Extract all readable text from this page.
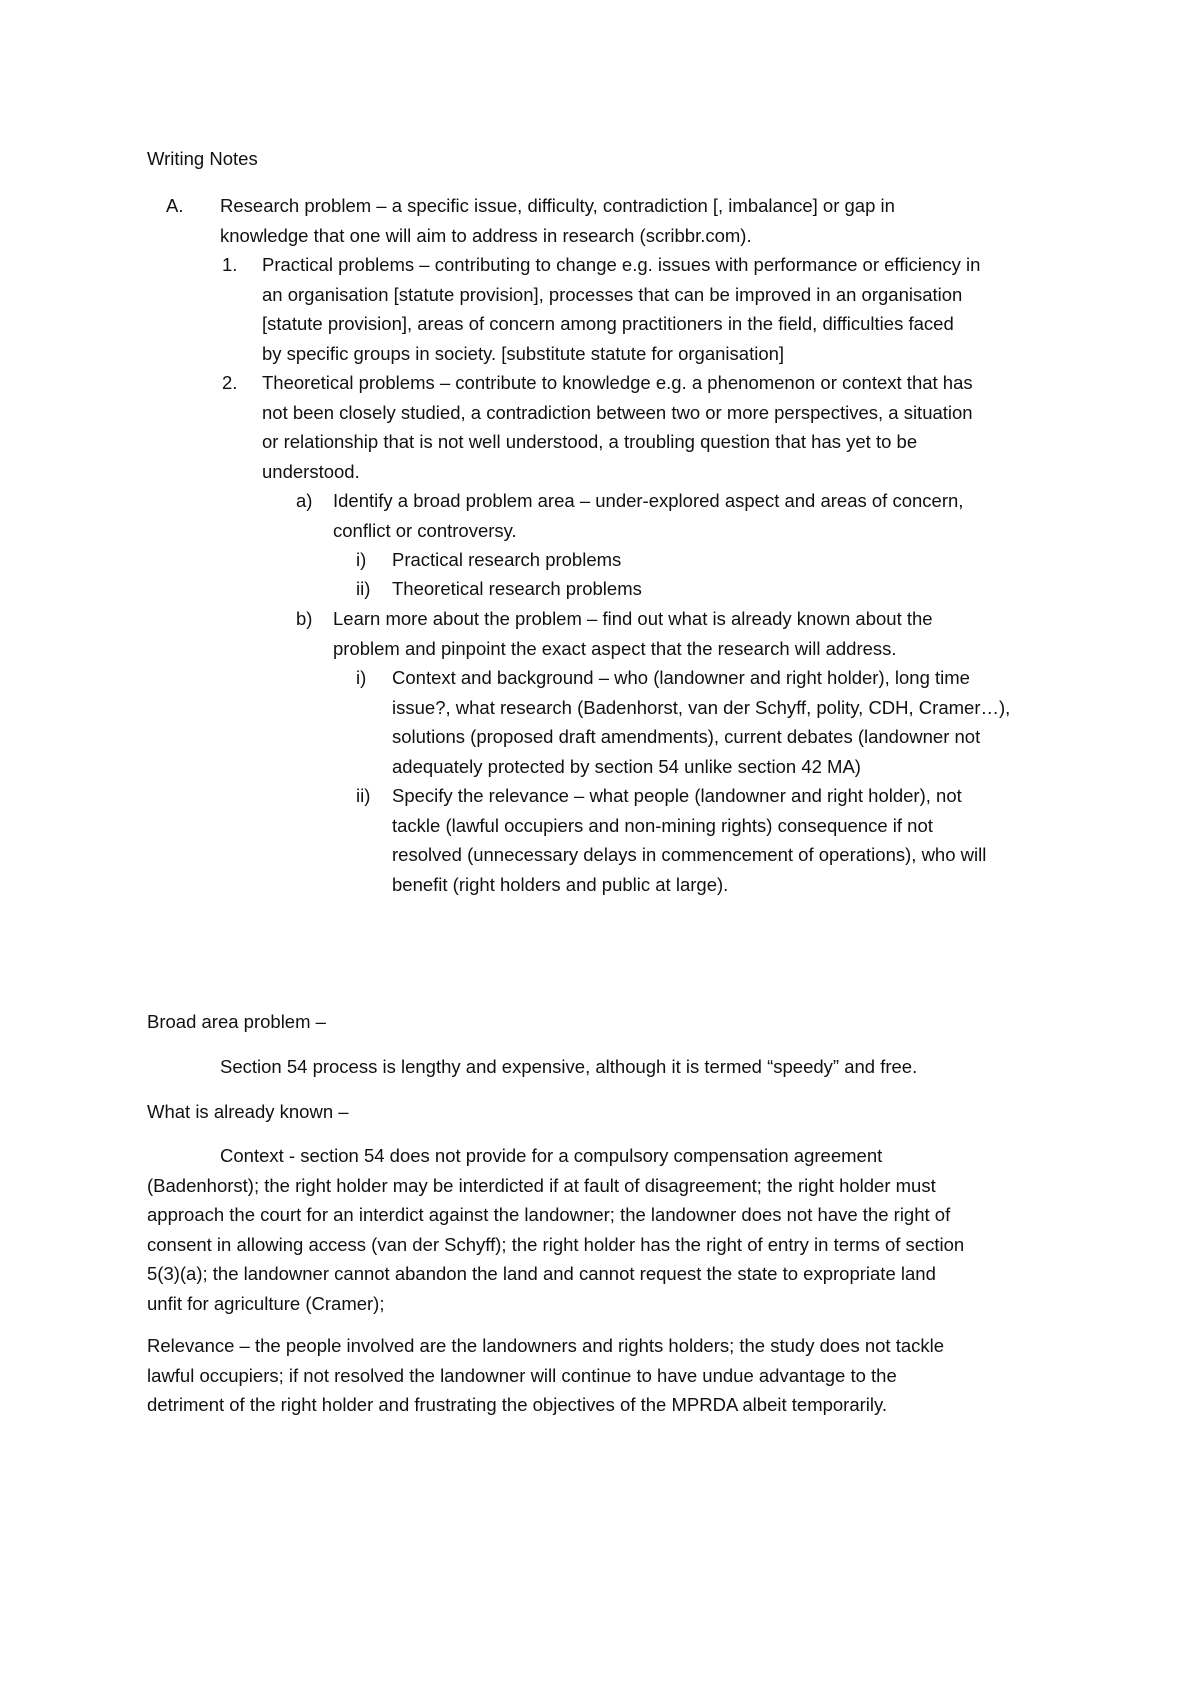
Writing Notes
A. Research problem – a specific issue, difficulty, contradiction [, imbalance] or gap in
knowledge that one will aim to address in research (scribbr.com).
1. Practical problems – contributing to change e.g. issues with performance or efficiency in
an organisation [statute provision], processes that can be improved in an organisation
[statute provision], areas of concern among practitioners in the field, difficulties faced
by specific groups in society. [substitute statute for organisation]
2. Theoretical problems – contribute to knowledge e.g. a phenomenon or context that has
not been closely studied, a contradiction between two or more perspectives, a situation
or relationship that is not well understood, a troubling question that has yet to be
understood.
a) Identify a broad problem area – under-explored aspect and areas of concern,
conflict or controversy.
i) Practical research problems
ii) Theoretical research problems
b) Learn more about the problem – find out what is already known about the
problem and pinpoint the exact aspect that the research will address.
i) Context and background – who (landowner and right holder), long time
issue?, what research (Badenhorst, van der Schyff, polity, CDH, Cramer…),
solutions (proposed draft amendments), current debates (landowner not
adequately protected by section 54 unlike section 42 MA)
ii) Specify the relevance – what people (landowner and right holder), not
tackle (lawful occupiers and non-mining rights) consequence if not
resolved (unnecessary delays in commencement of operations), who will
benefit (right holders and public at large).
Broad area problem –
Section 54 process is lengthy and expensive, although it is termed “speedy” and free.
What is already known –
Context - section 54 does not provide for a compulsory compensation agreement
(Badenhorst); the right holder may be interdicted if at fault of disagreement; the right holder must
approach the court for an interdict against the landowner; the landowner does not have the right of
consent in allowing access (van der Schyff); the right holder has the right of entry in terms of section
5(3)(a); the landowner cannot abandon the land and cannot request the state to expropriate land
unfit for agriculture (Cramer);
Relevance – the people involved are the landowners and rights holders; the study does not tackle
lawful occupiers; if not resolved the landowner will continue to have undue advantage to the
detriment of the right holder and frustrating the objectives of the MPRDA albeit temporarily.
